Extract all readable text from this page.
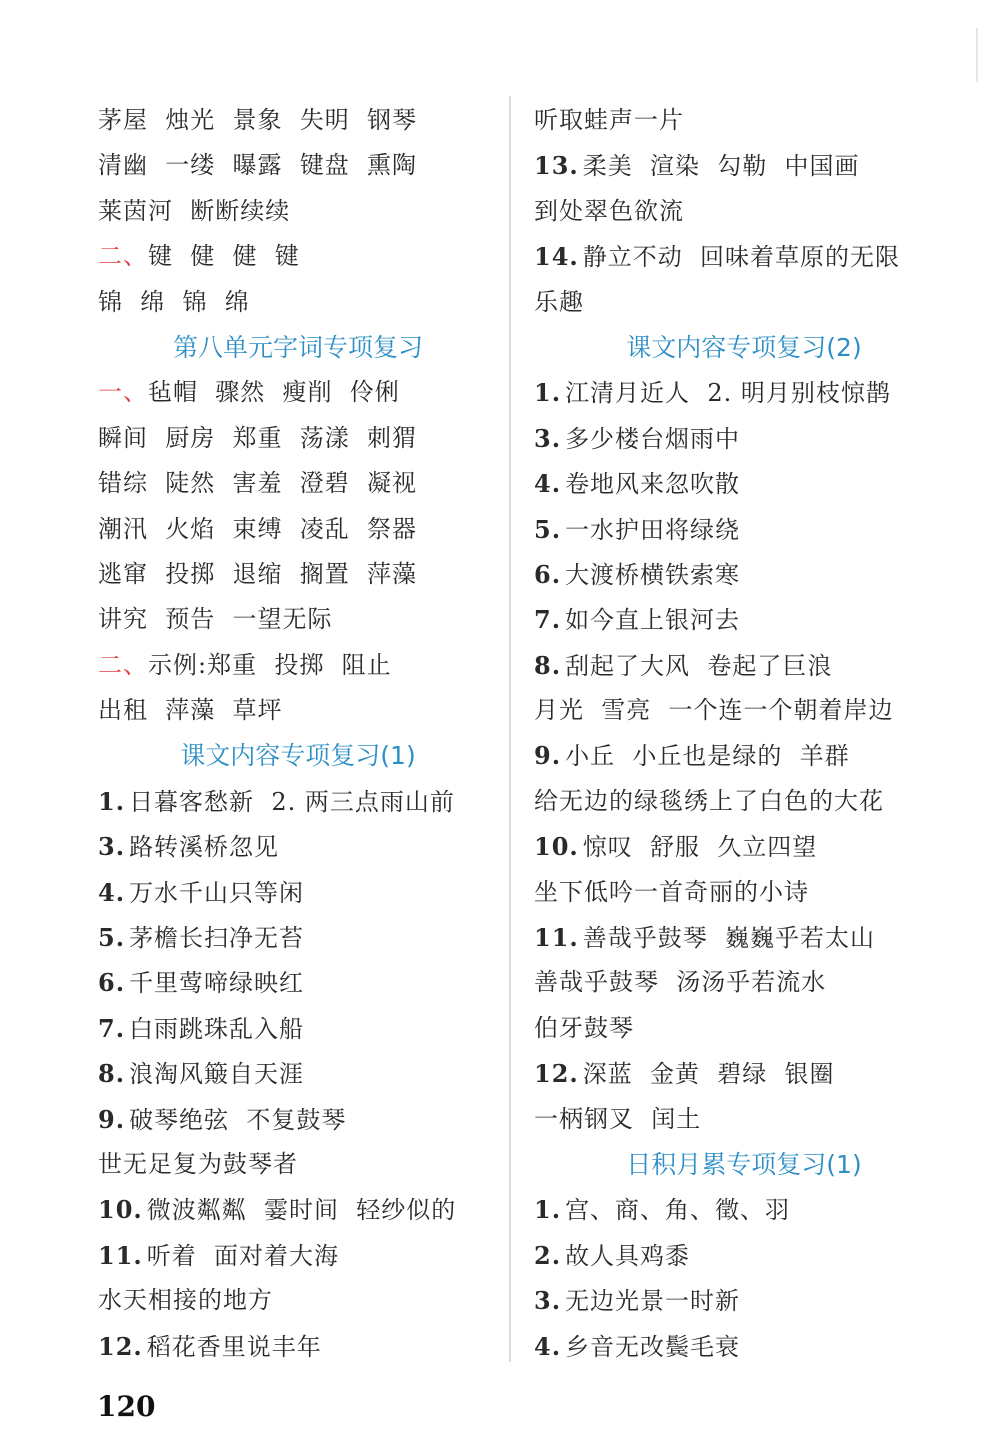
茅屋  烛光  景象  失明  钢琴
清幽  一缕  曝露  键盘  熏陶
莱茵河  断断续续
二、键  健  健  键
锦  绵  锦  绵
第八单元字词专项复习
一、毡帽  骤然  瘦削  伶俐
瞬间  厨房  郑重  荡漾  刺猬
错综  陡然  害羞  澄碧  凝视
潮汛  火焰  束缚  凌乱  祭器
逃窜  投掷  退缩  搁置  萍藻
讲究  预告  一望无际
二、示例:郑重  投掷  阻止
出租  萍藻  草坪
课文内容专项复习(1)
1. 日暮客愁新  2. 两三点雨山前
3. 路转溪桥忽见
4. 万水千山只等闲
5. 茅檐长扫净无苔
6. 千里莺啼绿映红
7. 白雨跳珠乱入船
8. 浪淘风簸自天涯
9. 破琴绝弦  不复鼓琴
世无足复为鼓琴者
10. 微波粼粼  霎时间  轻纱似的
11. 听着  面对着大海
水天相接的地方
12. 稻花香里说丰年
听取蛙声一片
13. 柔美  渲染  勾勒  中国画
到处翠色欲流
14. 静立不动  回味着草原的无限
乐趣
课文内容专项复习(2)
1. 江清月近人  2. 明月别枝惊鹊
3. 多少楼台烟雨中
4. 卷地风来忽吹散
5. 一水护田将绿绕
6. 大渡桥横铁索寒
7. 如今直上银河去
8. 刮起了大风  卷起了巨浪
月光  雪亮  一个连一个朝着岸边
9. 小丘  小丘也是绿的  羊群
给无边的绿毯绣上了白色的大花
10. 惊叹  舒服  久立四望
坐下低吟一首奇丽的小诗
11. 善哉乎鼓琴  巍巍乎若太山
善哉乎鼓琴  汤汤乎若流水
伯牙鼓琴
12. 深蓝  金黄  碧绿  银圈
一柄钢叉  闰土
日积月累专项复习(1)
1. 宫、商、角、徵、羽
2. 故人具鸡黍
3. 无边光景一时新
4. 乡音无改鬓毛衰
120
